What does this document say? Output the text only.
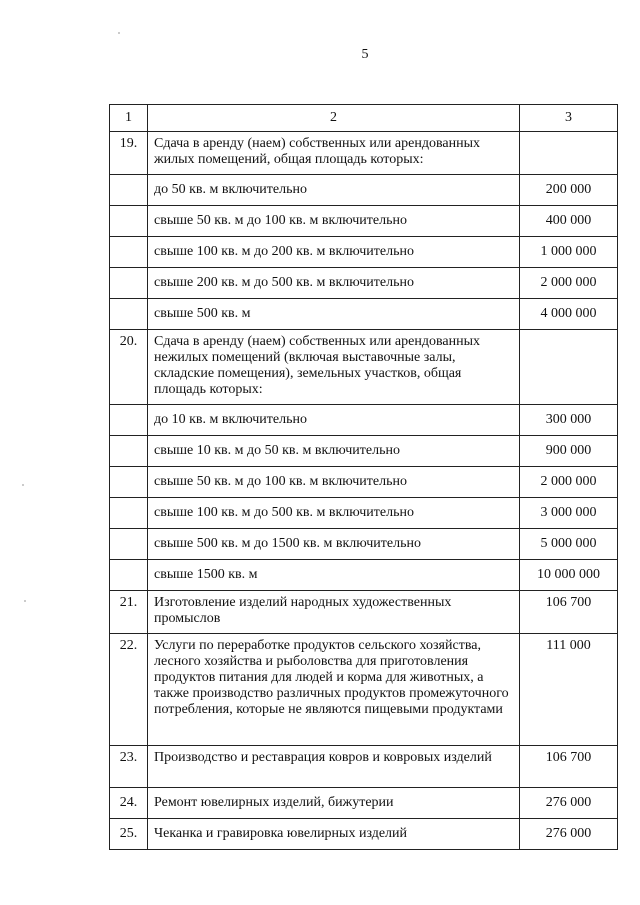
5
1	2	3
19.	Сдача в аренду (наем) собственных или арендованных жилых помещений, общая площадь которых:	
	до 50 кв. м включительно	200 000
	свыше 50 кв. м до 100 кв. м включительно	400 000
	свыше 100 кв. м до 200 кв. м включительно	1 000 000
	свыше 200 кв. м до 500 кв. м включительно	2 000 000
	свыше 500 кв. м	4 000 000
20.	Сдача в аренду (наем) собственных или арендованных нежилых помещений (включая выставочные залы, складские помещения), земельных участков, общая площадь которых:	
	до 10 кв. м включительно	300 000
	свыше 10 кв. м до 50 кв. м включительно	900 000
	свыше 50 кв. м до 100 кв. м включительно	2 000 000
	свыше 100 кв. м до 500 кв. м включительно	3 000 000
	свыше 500 кв. м до 1500 кв. м включительно	5 000 000
	свыше 1500 кв. м	10 000 000
21.	Изготовление изделий народных художественных промыслов	106 700
22.	Услуги по переработке продуктов сельского хозяйства, лесного хозяйства и рыболовства для приготовления продуктов питания для людей и корма для животных, а также производство различных продуктов промежуточного потребления, которые не являются пищевыми продуктами	111 000
23.	Производство и реставрация ковров и ковровых изделий	106 700
24.	Ремонт ювелирных изделий, бижутерии	276 000
25.	Чеканка и гравировка ювелирных изделий	276 000
